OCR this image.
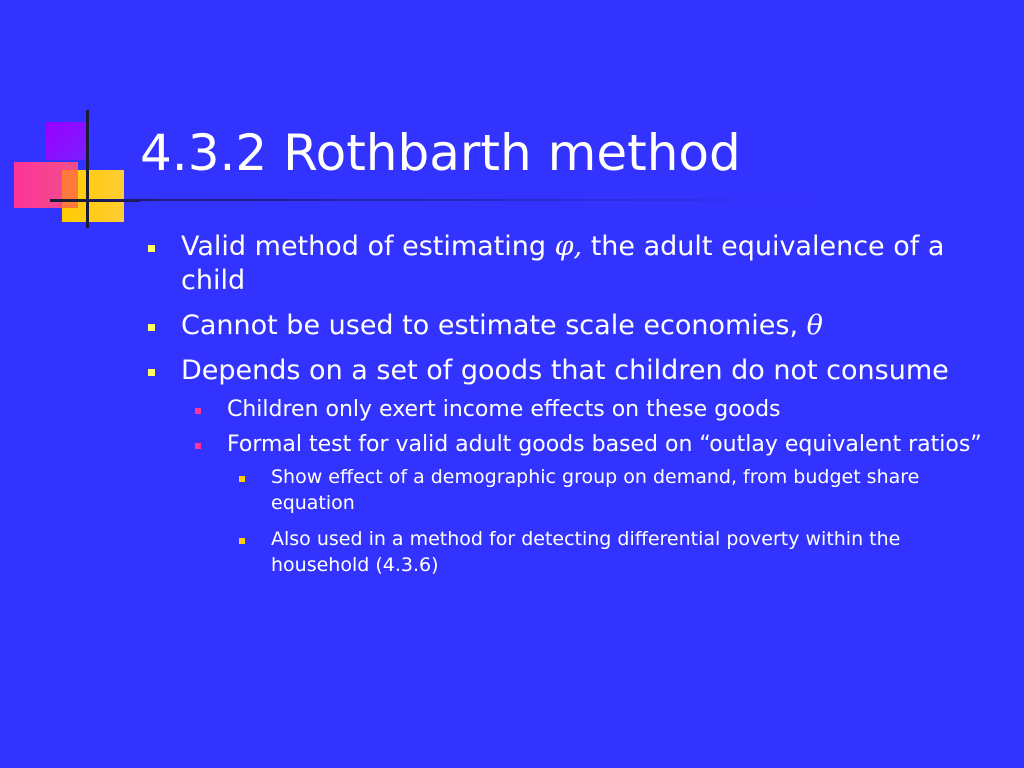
4.3.2 Rothbarth method
Valid method of estimating φ, the adult equivalence of a child
Cannot be used to estimate scale economies, θ
Depends on a set of goods that children do not consume
Children only exert income effects on these goods
Formal test for valid adult goods based on “outlay equivalent ratios”
Show effect of a demographic group on demand, from budget share equation
Also used in a method for detecting differential poverty within the household (4.3.6)
